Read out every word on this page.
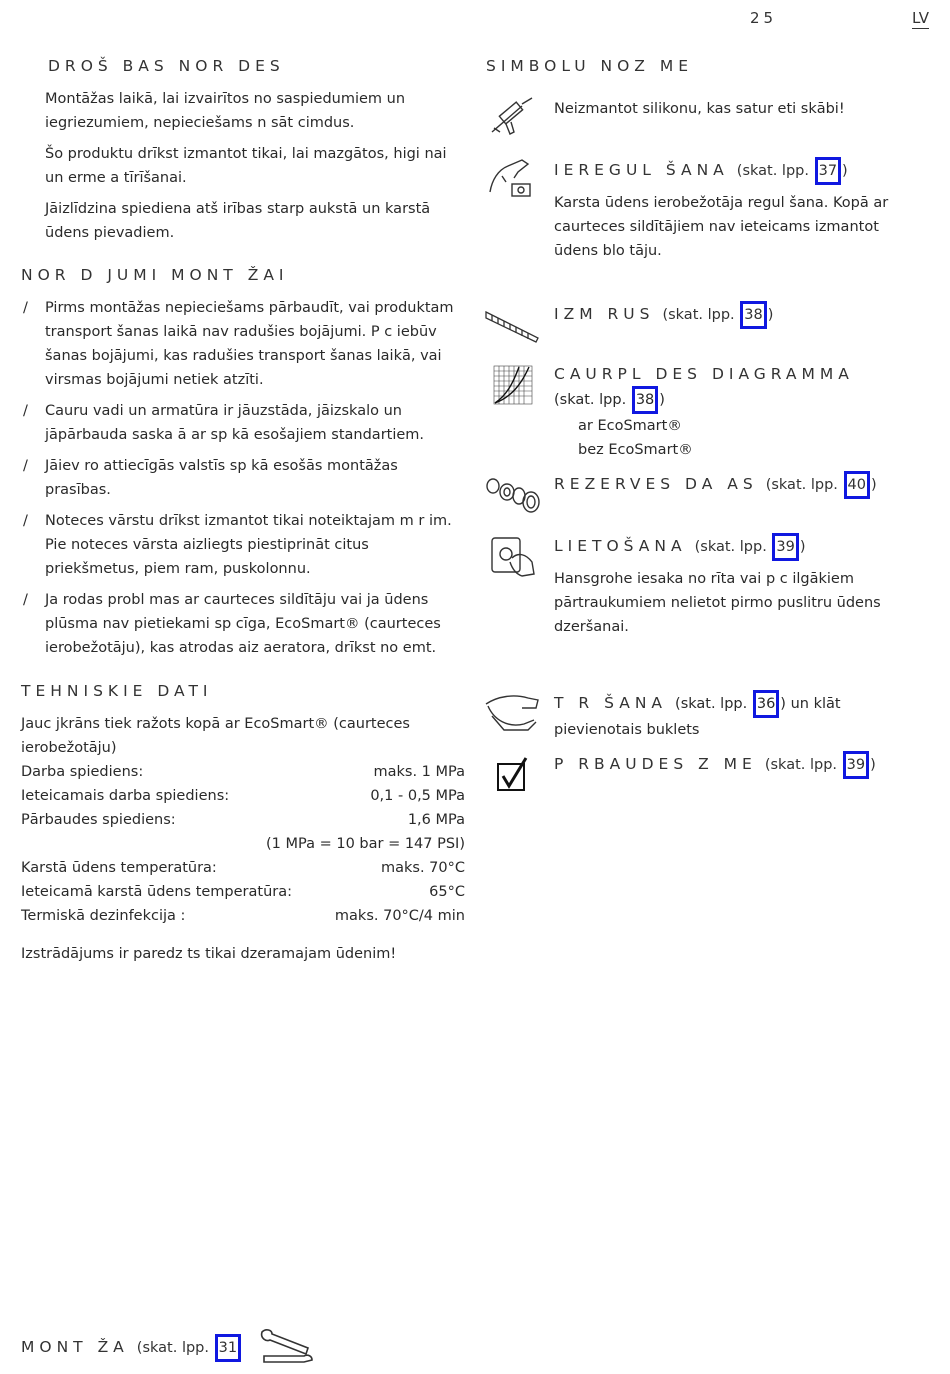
25	LV
DROŠ BAS NOR DES

Montāžas laikā, lai izvairītos no saspiedumiem un iegriezumiem, nepieciešams n sāt cimdus.

Šo produktu drīkst izmantot tikai, lai mazgātos, higi nai un erme a tīrīšanai.

Jāizlīdzina spiediena atš irības starp aukstā un karstā ūdens pievadiem.

NOR D JUMI MONT ŽAI

/ Pirms montāžas nepieciešams pārbaudīt, vai produktam transport šanas laikā nav radušies bojājumi. P c iebūv šanas bojājumi, kas radušies transport šanas laikā, vai virsmas bojājumi netiek atzīti.

/ Cauru vadi un armatūra ir jāuzstāda, jāizskalo un jāpārbauda saska ā ar sp kā esošajiem standartiem.

/ Jāiev ro attiecīgās valstīs sp kā esošās montāžas prasības.

/ Noteces vārstu drīkst izmantot tikai noteiktajam m r im. Pie noteces vārsta aizliegts piestiprināt citus priekšmetus, piem ram, puskolonnu.

/ Ja rodas probl mas ar caurteces sildītāju vai ja ūdens plūsma nav pietiekami sp cīga, EcoSmart® (caurteces ierobežotāju), kas atrodas aiz aeratora, drīkst no emt.

TEHNISKIE DATI

Jauc jkrāns tiek ražots kopā ar EcoSmart® (caurteces ierobežotāju)

Darba spiediens:	maks. 1 MPa
Ieteicamais darba spiediens:	0,1 - 0,5 MPa
Pārbaudes spiediens:	1,6 MPa
(1 MPa = 10 bar = 147 PSI)
Karstā ūdens temperatūra:	maks. 70°C
Ieteicamā karstā ūdens temperatūra:	65°C
Termiskā dezinfekcija :	maks. 70°C/4 min

Izstrādājums ir paredz ts tikai dzeramajam ūdenim!

SIMBOLU NOZ ME
Neizmantot silikonu, kas satur eti skābi!
IEREGUL ŠANA (skat. lpp. 37 )

Karsta ūdens ierobežotāja regul šana. Kopā ar caurteces sildītājiem nav ieteicams izmantot ūdens blo tāju.

IZM RUS (skat. lpp. 38 )
CAURPL DES DIAGRAMMA
(skat. lpp. 38 )
ar EcoSmart®
bez EcoSmart®
REZERVES DA AS (skat. lpp. 40 )
LIETOŠANA (skat. lpp. 39 )

Hansgrohe iesaka no rīta vai p c ilgākiem pārtraukumiem nelietot pirmo puslitru ūdens dzeršanai.

T R ŠANA (skat. lpp. 36 ) un klāt pievienotais buklets
P RBAUDES Z ME (skat. lpp. 39 )
MONT ŽA (skat. lpp. 31
